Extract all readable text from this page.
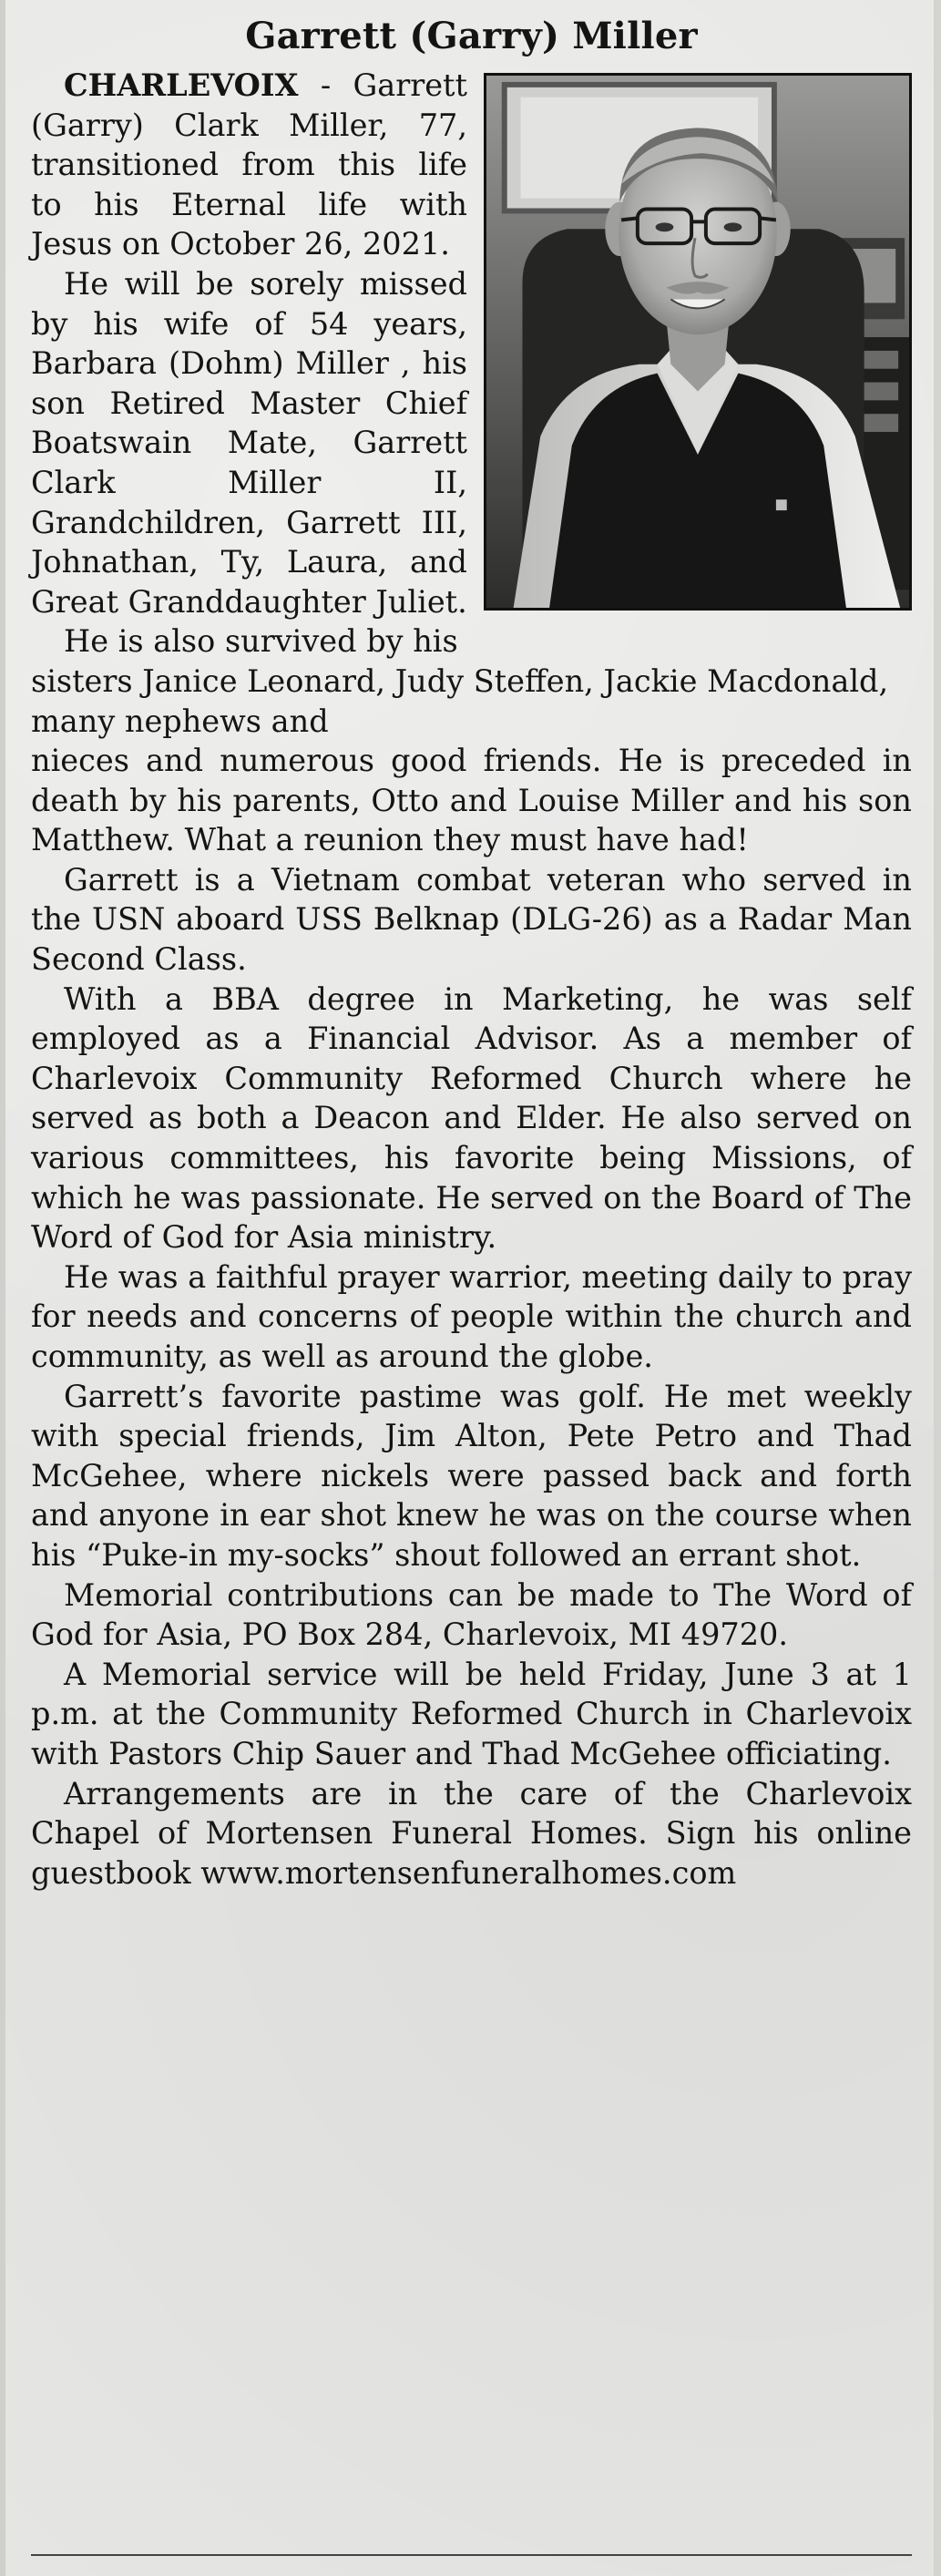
Garrett (Garry) Miller

CHARLEVOIX - Garrett (Garry) Clark Miller, 77, transitioned from this life to his Eternal life with Jesus on October 26, 2021.

He will be sorely missed by his wife of 54 years, Barbara (Dohm) Miller , his son Retired Master Chief Boatswain Mate, Garrett Clark Miller II, Grandchildren, Garrett III, Johnathan, Ty, Laura, and Great Granddaughter Juliet.

He is also survived by his sisters Janice Leonard, Judy Steffen, Jackie Macdonald, many nephews and

nieces and numerous good friends. He is preceded in death by his parents, Otto and Louise Miller and his son Matthew. What a reunion they must have had!

Garrett is a Vietnam combat veteran who served in the USN aboard USS Belknap (DLG-26) as a Radar Man Second Class.

With a BBA degree in Marketing, he was self employed as a Financial Advisor. As a member of Charlevoix Community Reformed Church where he served as both a Deacon and Elder. He also served on various committees, his favorite being Missions, of which he was passionate. He served on the Board of The Word of God for Asia ministry.

He was a faithful prayer warrior, meeting daily to pray for needs and concerns of people within the church and community, as well as around the globe.

Garrett’s favorite pastime was golf. He met weekly with special friends, Jim Alton, Pete Petro and Thad McGehee, where nickels were passed back and forth and anyone in ear shot knew he was on the course when his “Puke-in my-socks” shout followed an errant shot.

Memorial contributions can be made to The Word of God for Asia, PO Box 284, Charlevoix, MI 49720.

A Memorial service will be held Friday, June 3 at 1 p.m. at the Community Reformed Church in Charlevoix with Pastors Chip Sauer and Thad McGehee officiating.

Arrangements are in the care of the Charlevoix Chapel of Mortensen Funeral Homes. Sign his online guestbook www.mortensenfuneralhomes.com
